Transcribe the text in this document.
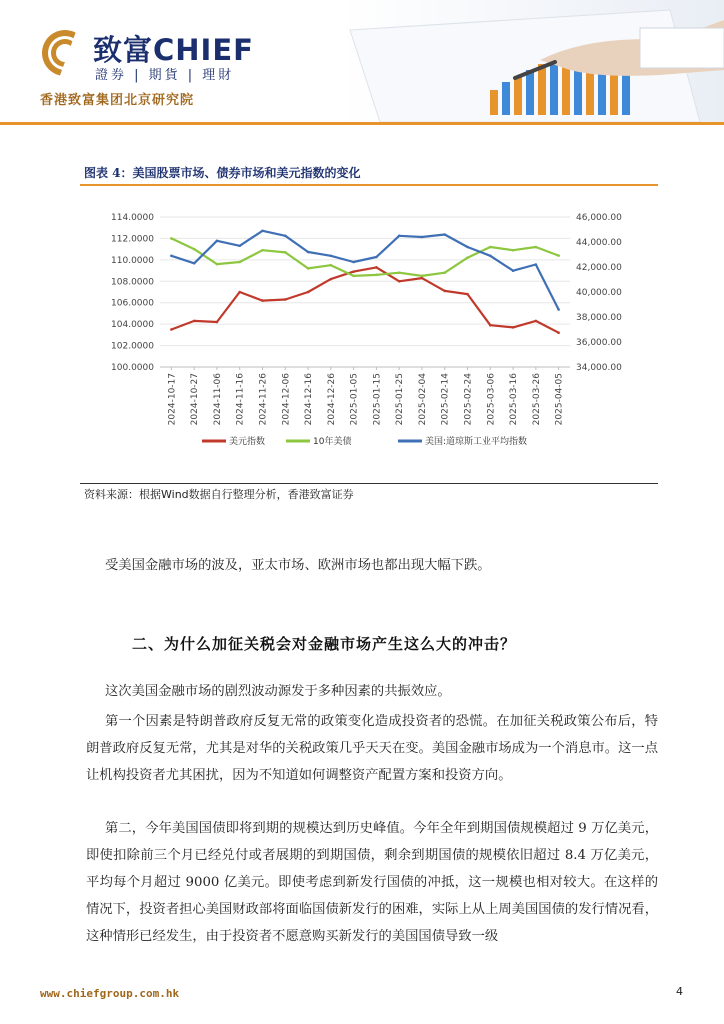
致富CHIEF
證券 | 期貨 | 理財
香港致富集团北京研究院
图表 4：美国股票市场、债券市场和美元指数的变化
100.0000
102.0000
104.0000
106.0000
108.0000
110.0000
112.0000
114.0000
34,000.00
36,000.00
38,000.00
40,000.00
42,000.00
44,000.00
46,000.00
2024-10-17 2024-10-27 2024-11-06 2024-11-16 2024-11-26 2024-12-06 2024-12-16 2024-12-26 2025-01-05 2025-01-15 2025-01-25 2025-02-04 2025-02-14 2025-02-24 2025-03-06 2025-03-16 2025-03-26 2025-04-05
美元指数	10年美债	美国:道琼斯工业平均指数
资料来源：根据Wind数据自行整理分析，香港致富证券
受美国金融市场的波及，亚太市场、欧洲市场也都出现大幅下跌。
二、为什么加征关税会对金融市场产生这么大的冲击？
这次美国金融市场的剧烈波动源发于多种因素的共振效应。
第一个因素是特朗普政府反复无常的政策变化造成投资者的恐慌。在加征关税政策公布后，特朗普政府反复无常，尤其是对华的关税政策几乎天天在变。美国金融市场成为一个消息市。这一点让机构投资者尤其困扰，因为不知道如何调整资产配置方案和投资方向。
第二，今年美国国债即将到期的规模达到历史峰值。今年全年到期国债规模超过 9 万亿美元，即使扣除前三个月已经兑付或者展期的到期国债，剩余到期国债的规模依旧超过 8.4 万亿美元，平均每个月超过 9000 亿美元。即使考虑到新发行国债的冲抵，这一规模也相对较大。在这样的情况下，投资者担心美国财政部将面临国债新发行的困难，实际上从上周美国国债的发行情况看，这种情形已经发生，由于投资者不愿意购买新发行的美国国债导致一级
www.chiefgroup.com.hk	4
